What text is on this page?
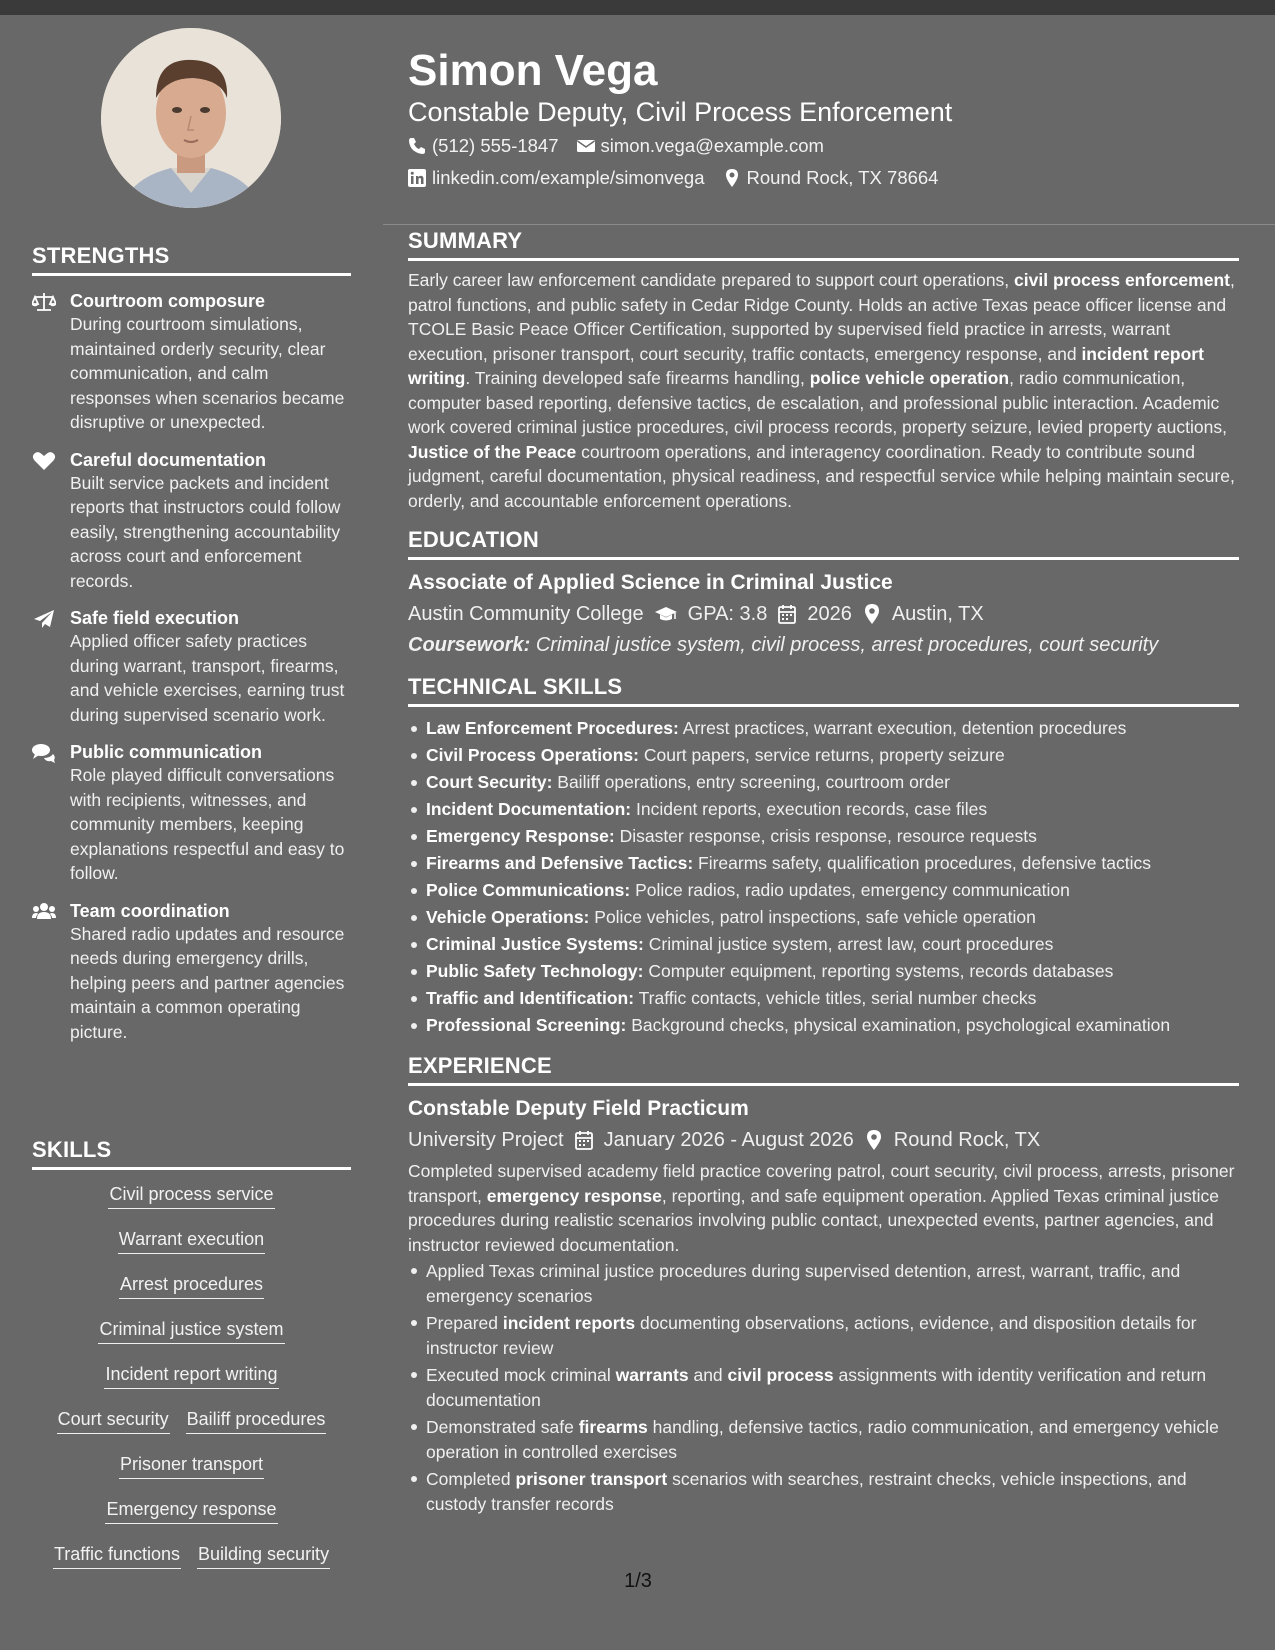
STRENGTHS
Courtroom composure
During courtroom simulations, maintained orderly security, clear communication, and calm responses when scenarios became disruptive or unexpected.
Careful documentation
Built service packets and incident reports that instructors could follow easily, strengthening accountability across court and enforcement records.
Safe field execution
Applied officer safety practices during warrant, transport, firearms, and vehicle exercises, earning trust during supervised scenario work.
Public communication
Role played difficult conversations with recipients, witnesses, and community members, keeping explanations respectful and easy to follow.
Team coordination
Shared radio updates and resource needs during emergency drills, helping peers and partner agencies maintain a common operating picture.
SKILLS
Civil process service
Warrant execution
Arrest procedures
Criminal justice system
Incident report writing
Court security Bailiff procedures
Prisoner transport
Emergency response
Traffic functions Building security
Simon Vega
Constable Deputy, Civil Process Enforcement
(512) 555-1847 simon.vega@example.com
linkedin.com/example/simonvega Round Rock, TX 78664
SUMMARY

Early career law enforcement candidate prepared to support court operations, civil process enforcement, patrol functions, and public safety in Cedar Ridge County. Holds an active Texas peace officer license and TCOLE Basic Peace Officer Certification, supported by supervised field practice in arrests, warrant execution, prisoner transport, court security, traffic contacts, emergency response, and incident report writing. Training developed safe firearms handling, police vehicle operation, radio communication, computer based reporting, defensive tactics, de escalation, and professional public interaction. Academic work covered criminal justice procedures, civil process records, property seizure, levied property auctions, Justice of the Peace courtroom operations, and interagency coordination. Ready to contribute sound judgment, careful documentation, physical readiness, and respectful service while helping maintain secure, orderly, and accountable enforcement operations.

EDUCATION
Associate of Applied Science in Criminal Justice
Austin Community College GPA: 3.8 2026 Austin, TX
Coursework: Criminal justice system, civil process, arrest procedures, court security
TECHNICAL SKILLS
Law Enforcement Procedures: Arrest practices, warrant execution, detention procedures
Civil Process Operations: Court papers, service returns, property seizure
Court Security: Bailiff operations, entry screening, courtroom order
Incident Documentation: Incident reports, execution records, case files
Emergency Response: Disaster response, crisis response, resource requests
Firearms and Defensive Tactics: Firearms safety, qualification procedures, defensive tactics
Police Communications: Police radios, radio updates, emergency communication
Vehicle Operations: Police vehicles, patrol inspections, safe vehicle operation
Criminal Justice Systems: Criminal justice system, arrest law, court procedures
Public Safety Technology: Computer equipment, reporting systems, records databases
Traffic and Identification: Traffic contacts, vehicle titles, serial number checks
Professional Screening: Background checks, physical examination, psychological examination
EXPERIENCE
Constable Deputy Field Practicum
University Project January 2026 - August 2026 Round Rock, TX

Completed supervised academy field practice covering patrol, court security, civil process, arrests, prisoner transport, emergency response, reporting, and safe equipment operation. Applied Texas criminal justice procedures during realistic scenarios involving public contact, unexpected events, partner agencies, and instructor reviewed documentation.

Applied Texas criminal justice procedures during supervised detention, arrest, warrant, traffic, and emergency scenarios
Prepared incident reports documenting observations, actions, evidence, and disposition details for instructor review
Executed mock criminal warrants and civil process assignments with identity verification and return documentation
Demonstrated safe firearms handling, defensive tactics, radio communication, and emergency vehicle operation in controlled exercises
Completed prisoner transport scenarios with searches, restraint checks, vehicle inspections, and custody transfer records
1/3
